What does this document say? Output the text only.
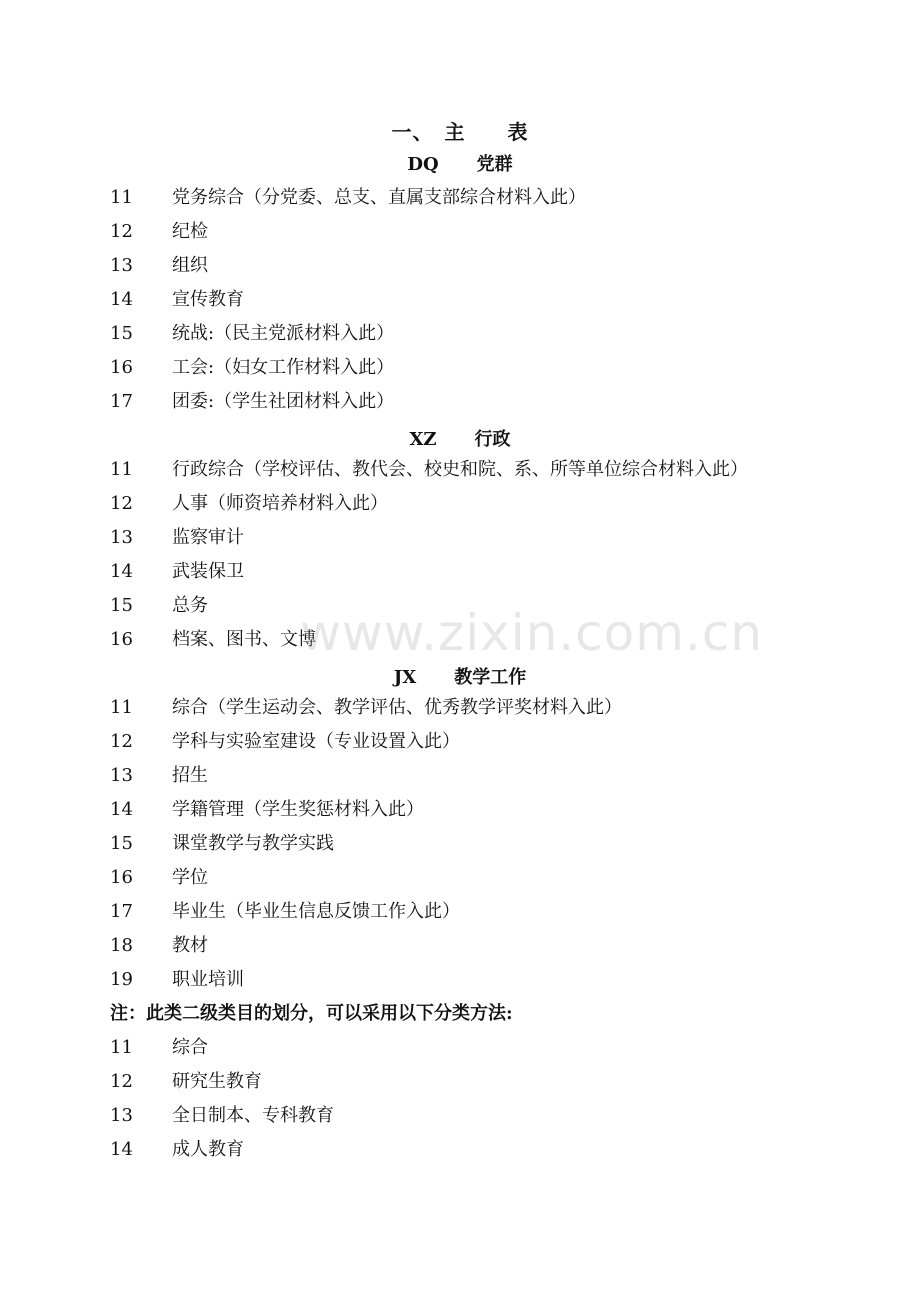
一、　主　　表
DQ 党群
11 党务综合（分党委、总支、直属支部综合材料入此）
12 纪检
13 组织
14 宣传教育
15 统战:（民主党派材料入此）
16 工会:（妇女工作材料入此）
17 团委:（学生社团材料入此）
XZ 行政
11 行政综合（学校评估、教代会、校史和院、系、所等单位综合材料入此）
12 人事（师资培养材料入此）
13 监察审计
14 武装保卫
15 总务
16 档案、图书、文博
JX 教学工作
11 综合（学生运动会、教学评估、优秀教学评奖材料入此）
12 学科与实验室建设（专业设置入此）
13 招生
14 学籍管理（学生奖惩材料入此）
15 课堂教学与教学实践
16 学位
17 毕业生（毕业生信息反馈工作入此）
18 教材
19 职业培训
注：此类二级类目的划分，可以采用以下分类方法:
11 综合
12 研究生教育
13 全日制本、专科教育
14 成人教育
www.zixin.com.cn
